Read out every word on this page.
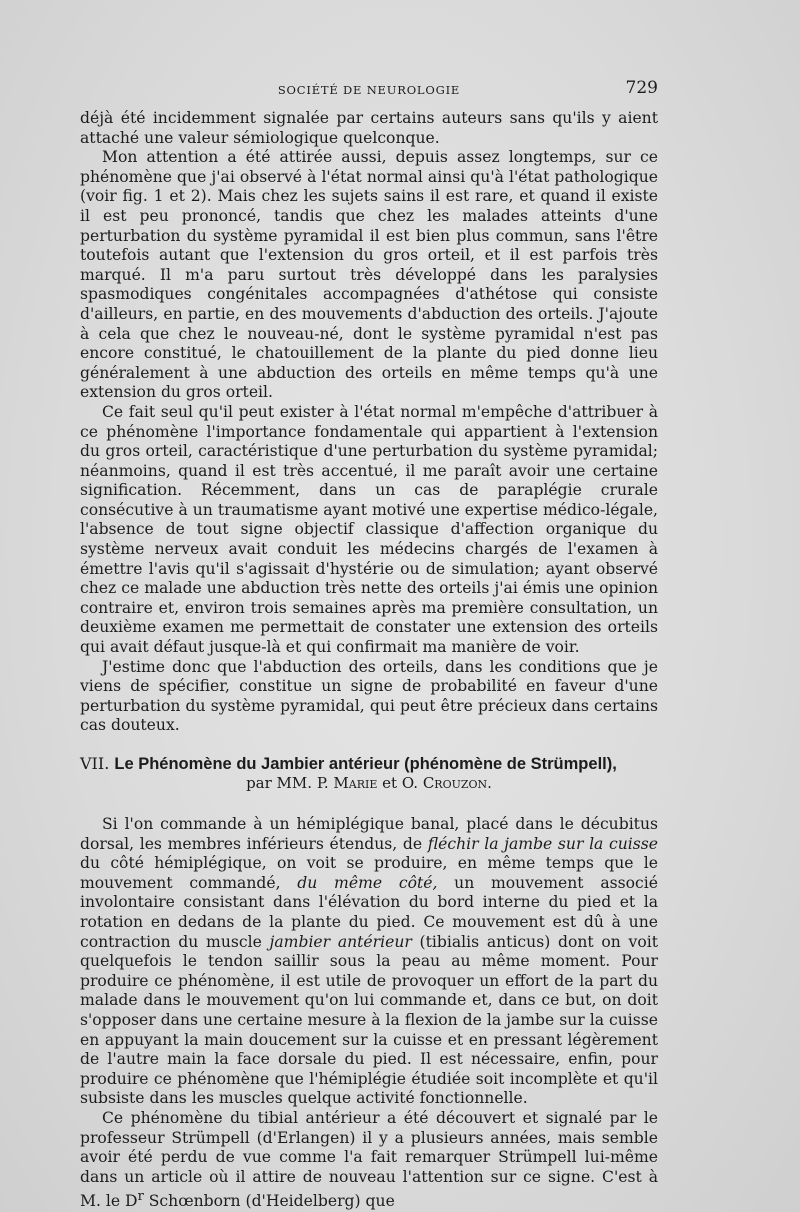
SOCIÉTÉ DE NEUROLOGIE	729

déjà été incidemment signalée par certains auteurs sans qu'ils y aient attaché une valeur sémiologique quelconque.

Mon attention a été attirée aussi, depuis assez longtemps, sur ce phénomène que j'ai observé à l'état normal ainsi qu'à l'état pathologique (voir fig. 1 et 2). Mais chez les sujets sains il est rare, et quand il existe il est peu prononcé, tandis que chez les malades atteints d'une perturbation du système pyramidal il est bien plus commun, sans l'être toutefois autant que l'extension du gros orteil, et il est parfois très marqué. Il m'a paru surtout très développé dans les paralysies spasmodiques congénitales accompagnées d'athétose qui consiste d'ailleurs, en partie, en des mouvements d'abduction des orteils. J'ajoute à cela que chez le nouveau-né, dont le système pyramidal n'est pas encore constitué, le chatouillement de la plante du pied donne lieu généralement à une abduction des orteils en même temps qu'à une extension du gros orteil.

Ce fait seul qu'il peut exister à l'état normal m'empêche d'attribuer à ce phénomène l'importance fondamentale qui appartient à l'extension du gros orteil, caractéristique d'une perturbation du système pyramidal; néanmoins, quand il est très accentué, il me paraît avoir une certaine signification. Récemment, dans un cas de paraplégie crurale consécutive à un traumatisme ayant motivé une expertise médico-légale, l'absence de tout signe objectif classique d'affection organique du système nerveux avait conduit les médecins chargés de l'examen à émettre l'avis qu'il s'agissait d'hystérie ou de simulation; ayant observé chez ce malade une abduction très nette des orteils j'ai émis une opinion contraire et, environ trois semaines après ma première consultation, un deuxième examen me permettait de constater une extension des orteils qui avait défaut jusque-là et qui confirmait ma manière de voir.

J'estime donc que l'abduction des orteils, dans les conditions que je viens de spécifier, constitue un signe de probabilité en faveur d'une perturbation du système pyramidal, qui peut être précieux dans certains cas douteux.

VII. Le Phénomène du Jambier antérieur (phénomène de Strümpell),
par MM. P. Marie et O. Crouzon.

Si l'on commande à un hémiplégique banal, placé dans le décubitus dorsal, les membres inférieurs étendus, de fléchir la jambe sur la cuisse du côté hémiplégique, on voit se produire, en même temps que le mouvement commandé, du même côté, un mouvement associé involontaire consistant dans l'élévation du bord interne du pied et la rotation en dedans de la plante du pied. Ce mouvement est dû à une contraction du muscle jambier antérieur (tibialis anticus) dont on voit quelquefois le tendon saillir sous la peau au même moment. Pour produire ce phénomène, il est utile de provoquer un effort de la part du malade dans le mouvement qu'on lui commande et, dans ce but, on doit s'opposer dans une certaine mesure à la flexion de la jambe sur la cuisse en appuyant la main doucement sur la cuisse et en pressant légèrement de l'autre main la face dorsale du pied. Il est nécessaire, enfin, pour produire ce phénomène que l'hémiplégie étudiée soit incomplète et qu'il subsiste dans les muscles quelque activité fonctionnelle.

Ce phénomène du tibial antérieur a été découvert et signalé par le professeur Strümpell (d'Erlangen) il y a plusieurs années, mais semble avoir été perdu de vue comme l'a fait remarquer Strümpell lui-même dans un article où il attire de nouveau l'attention sur ce signe. C'est à M. le $D^r$ Schœnborn (d'Heidelberg) que
